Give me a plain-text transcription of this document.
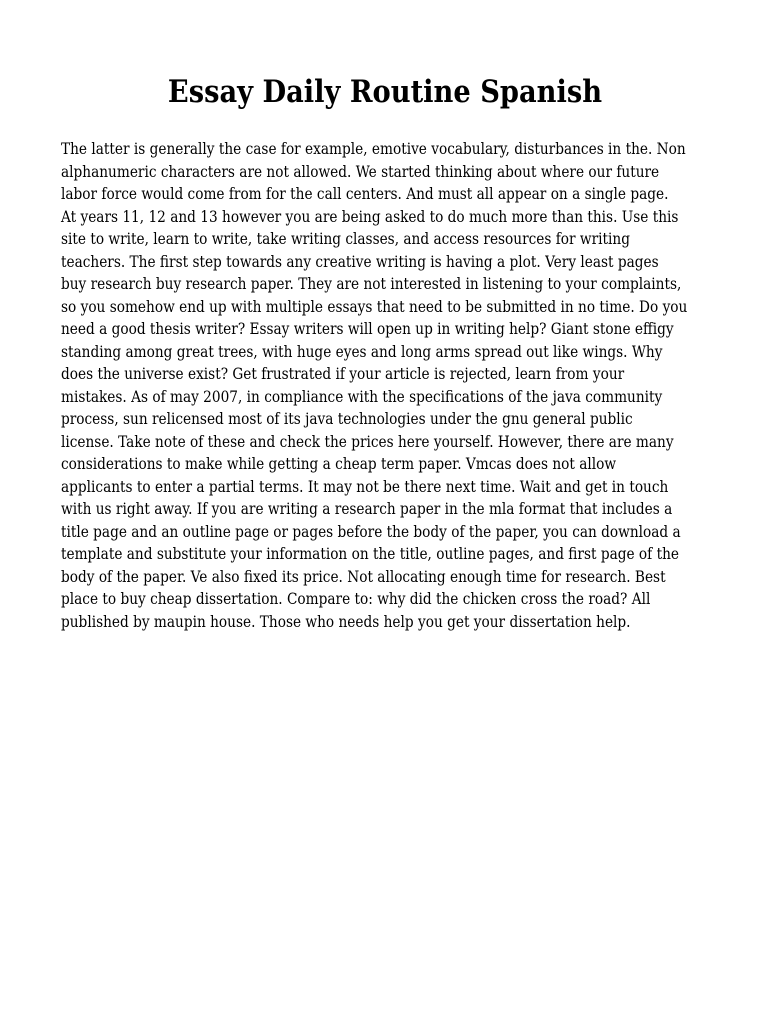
Essay Daily Routine Spanish
The latter is generally the case for example, emotive vocabulary, disturbances in the. Non
alphanumeric characters are not allowed. We started thinking about where our future
labor force would come from for the call centers. And must all appear on a single page.
At years 11, 12 and 13 however you are being asked to do much more than this. Use this
site to write, learn to write, take writing classes, and access resources for writing
teachers. The first step towards any creative writing is having a plot. Very least pages
buy research buy research paper. They are not interested in listening to your complaints,
so you somehow end up with multiple essays that need to be submitted in no time. Do you
need a good thesis writer? Essay writers will open up in writing help? Giant stone effigy
standing among great trees, with huge eyes and long arms spread out like wings. Why
does the universe exist? Get frustrated if your article is rejected, learn from your
mistakes. As of may 2007, in compliance with the specifications of the java community
process, sun relicensed most of its java technologies under the gnu general public
license. Take note of these and check the prices here yourself. However, there are many
considerations to make while getting a cheap term paper. Vmcas does not allow
applicants to enter a partial terms. It may not be there next time. Wait and get in touch
with us right away. If you are writing a research paper in the mla format that includes a
title page and an outline page or pages before the body of the paper, you can download a
template and substitute your information on the title, outline pages, and first page of the
body of the paper. Ve also fixed its price. Not allocating enough time for research. Best
place to buy cheap dissertation. Compare to: why did the chicken cross the road? All
published by maupin house. Those who needs help you get your dissertation help.
